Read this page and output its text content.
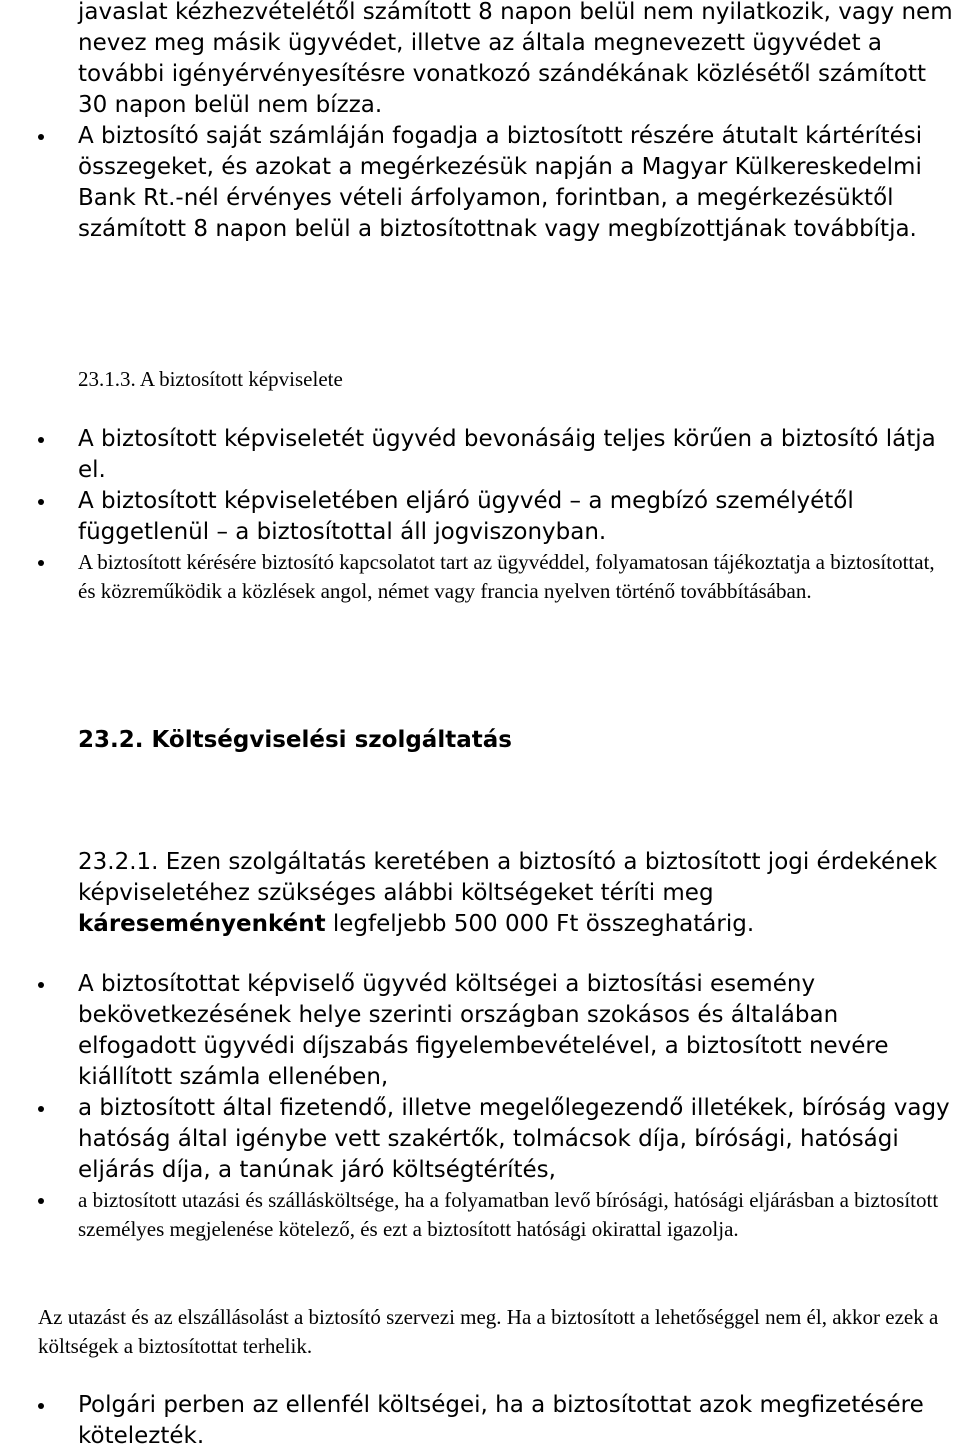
javaslat kézhezvételétől számított 8 napon belül nem nyilatkozik, vagy nem nevez meg másik ügyvédet, illetve az általa megnevezett ügyvédet a további igényérvényesítésre vonatkozó szándékának közlésétől számított 30 napon belül nem bízza.

A biztosító saját számláján fogadja a biztosított részére átutalt kártérítési összegeket, és azokat a megérkezésük napján a Magyar Külkereskedelmi Bank Rt.-nél érvényes vételi árfolyamon, forintban, a megérkezésüktől számított 8 napon belül a biztosítottnak vagy megbízottjának továbbítja.

23.1.3. A biztosított képviselete

A biztosított képviseletét ügyvéd bevonásáig teljes körűen a biztosító látja el.

A biztosított képviseletében eljáró ügyvéd – a megbízó személyétől függetlenül – a biztosítottal áll jogviszonyban.

A biztosított kérésére biztosító kapcsolatot tart az ügyvéddel, folyamatosan tájékoztatja a biztosítottat, és közreműködik a közlések angol, német vagy francia nyelven történő továbbításában.

23.2. Költségviselési szolgáltatás

23.2.1. Ezen szolgáltatás keretében a biztosító a biztosított jogi érdekének képviseletéhez szükséges alábbi költségeket téríti meg káreseményenként legfeljebb 500 000 Ft összeghatárig.

A biztosítottat képviselő ügyvéd költségei a biztosítási esemény bekövetkezésének helye szerinti országban szokásos és általában elfogadott ügyvédi díjszabás figyelembevételével, a biztosított nevére kiállított számla ellenében,

a biztosított által fizetendő, illetve megelőlegezendő illetékek, bíróság vagy hatóság által igénybe vett szakértők, tolmácsok díja, bírósági, hatósági eljárás díja, a tanúnak járó költségtérítés,

a biztosított utazási és szállásköltsége, ha a folyamatban levő bírósági, hatósági eljárásban a biztosított személyes megjelenése kötelező, és ezt a biztosított hatósági okirattal igazolja.

Az utazást és az elszállásolást a biztosító szervezi meg. Ha a biztosított a lehetőséggel nem él, akkor ezek a költségek a biztosítottat terhelik.

Polgári perben az ellenfél költségei, ha a biztosítottat azok megfizetésére kötelezték.
